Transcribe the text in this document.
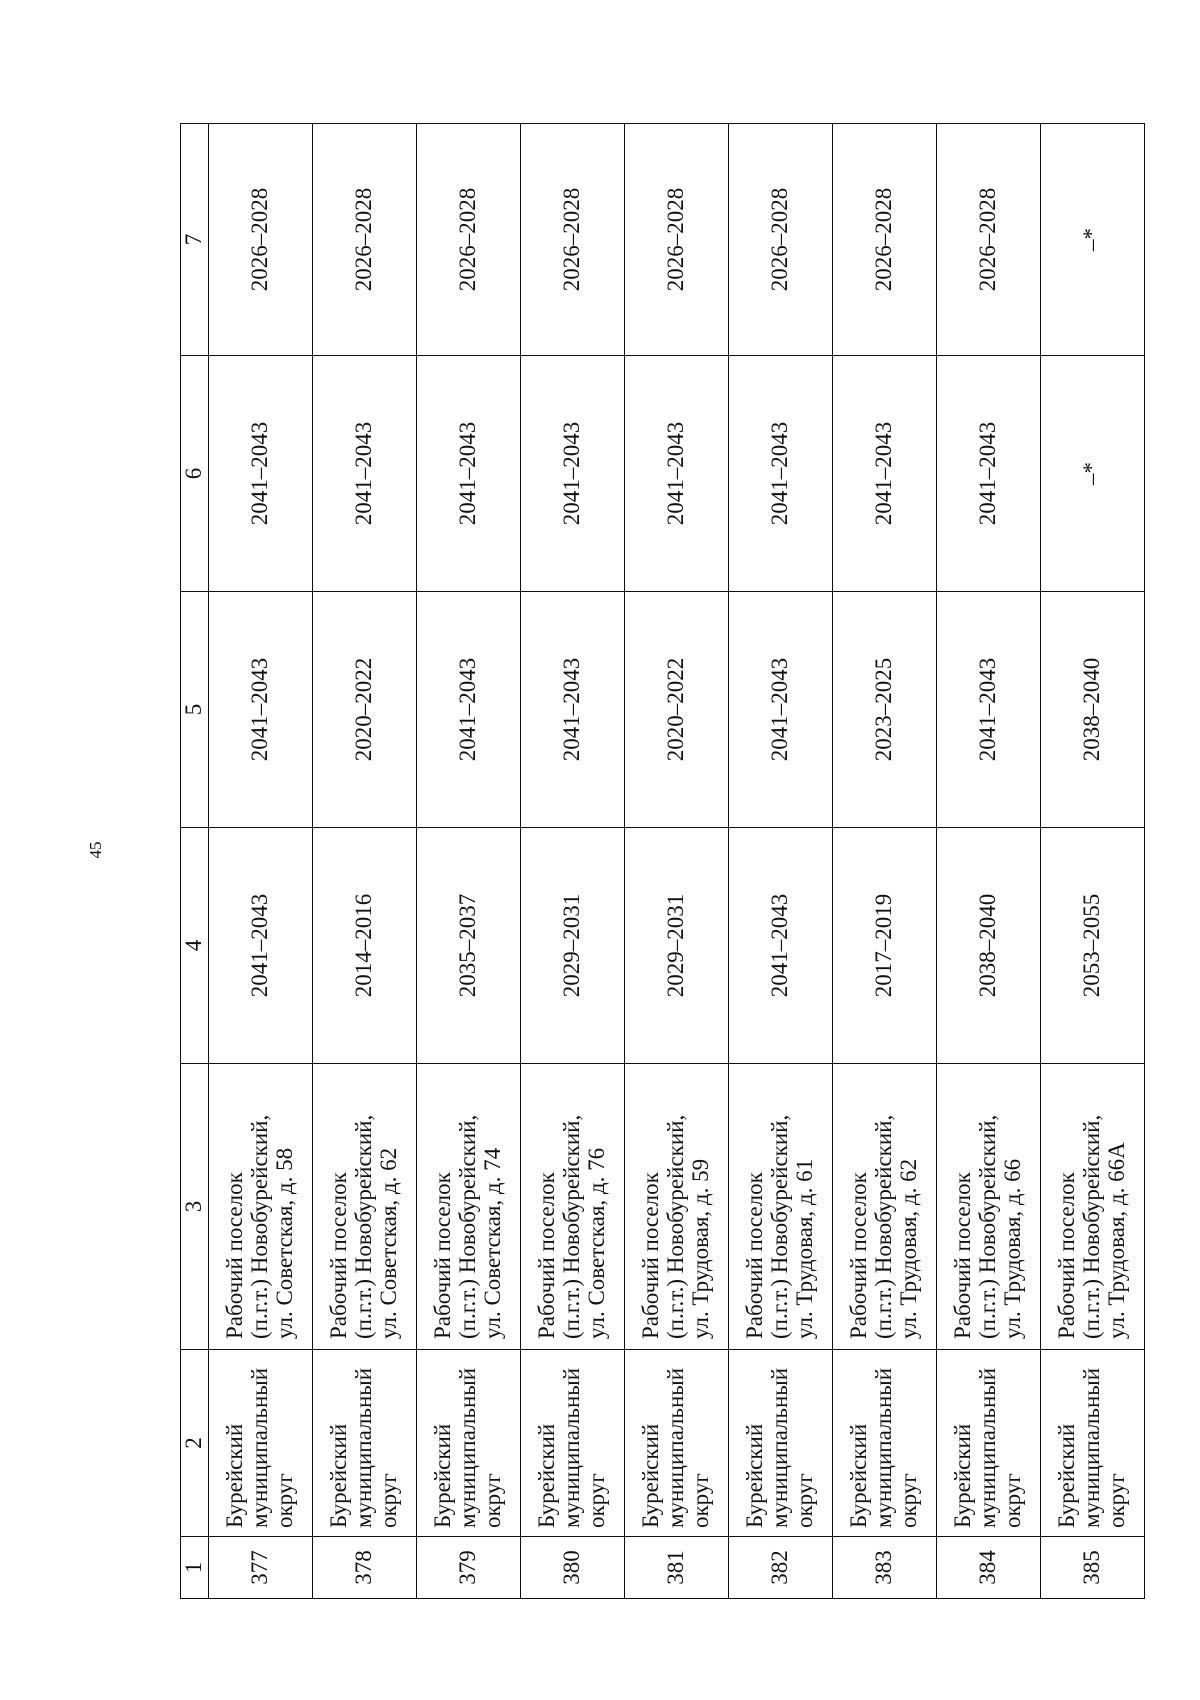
45
1	2	3	4	5	6	7
377	Бурейский муниципальный округ	Рабочий поселок (п.г.т.) Новобурейский, ул. Советская, д. 58	2041–2043	2041–2043	2041–2043	2026–2028
378	Бурейский муниципальный округ	Рабочий поселок (п.г.т.) Новобурейский, ул. Советская, д. 62	2014–2016	2020–2022	2041–2043	2026–2028
379	Бурейский муниципальный округ	Рабочий поселок (п.г.т.) Новобурейский, ул. Советская, д. 74	2035–2037	2041–2043	2041–2043	2026–2028
380	Бурейский муниципальный округ	Рабочий поселок (п.г.т.) Новобурейский, ул. Советская, д. 76	2029–2031	2041–2043	2041–2043	2026–2028
381	Бурейский муниципальный округ	Рабочий поселок (п.г.т.) Новобурейский, ул. Трудовая, д. 59	2029–2031	2020–2022	2041–2043	2026–2028
382	Бурейский муниципальный округ	Рабочий поселок (п.г.т.) Новобурейский, ул. Трудовая, д. 61	2041–2043	2041–2043	2041–2043	2026–2028
383	Бурейский муниципальный округ	Рабочий поселок (п.г.т.) Новобурейский, ул. Трудовая, д. 62	2017–2019	2023–2025	2041–2043	2026–2028
384	Бурейский муниципальный округ	Рабочий поселок (п.г.т.) Новобурейский, ул. Трудовая, д. 66	2038–2040	2041–2043	2041–2043	2026–2028
385	Бурейский муниципальный округ	Рабочий поселок (п.г.т.) Новобурейский, ул. Трудовая, д. 66А	2053–2055	2038–2040	–*	–*
